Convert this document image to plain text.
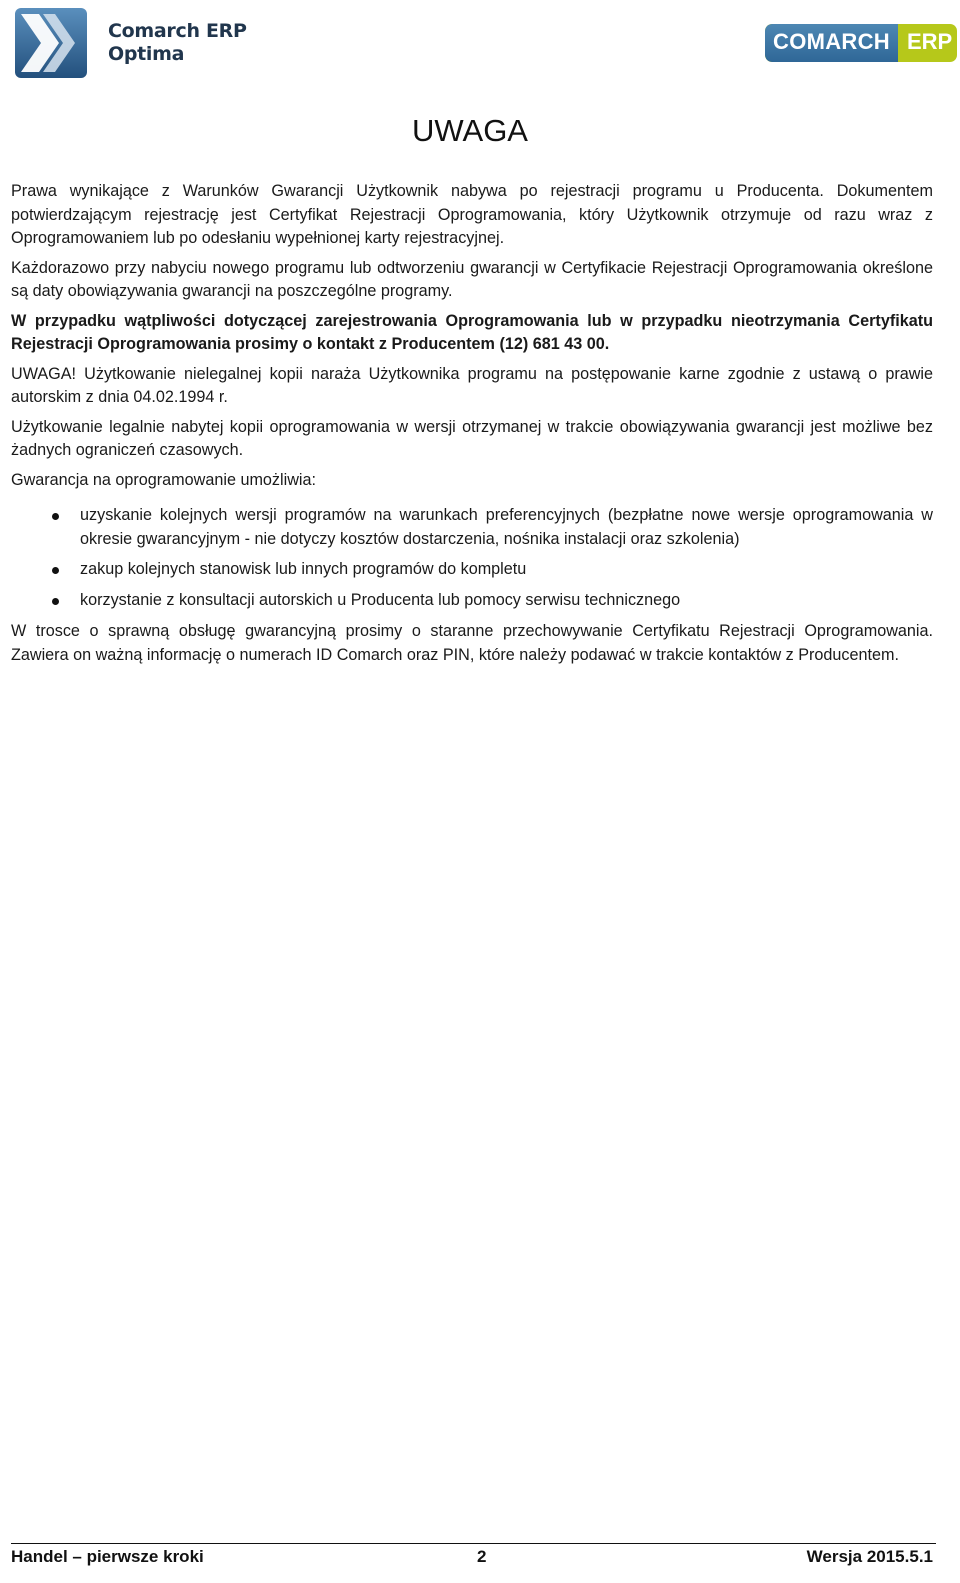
Comarch ERP
Optima	COMARCH ERP
UWAGA

Prawa wynikające z Warunków Gwarancji Użytkownik nabywa po rejestracji programu u Producenta. Dokumentem potwierdzającym rejestrację jest Certyfikat Rejestracji Oprogramowania, który Użytkownik otrzymuje od razu wraz z Oprogramowaniem lub po odesłaniu wypełnionej karty rejestracyjnej.

Każdorazowo przy nabyciu nowego programu lub odtworzeniu gwarancji w Certyfikacie Rejestracji Oprogramowania określone są daty obowiązywania gwarancji na poszczególne programy.

W przypadku wątpliwości dotyczącej zarejestrowania Oprogramowania lub w przypadku nieotrzymania Certyfikatu Rejestracji Oprogramowania prosimy o kontakt z Producentem (12) 681 43 00.

UWAGA! Użytkowanie nielegalnej kopii naraża Użytkownika programu na postępowanie karne zgodnie z ustawą o prawie autorskim z dnia 04.02.1994 r.

Użytkowanie legalnie nabytej kopii oprogramowania w wersji otrzymanej w trakcie obowiązywania gwarancji jest możliwe bez żadnych ograniczeń czasowych.

Gwarancja na oprogramowanie umożliwia:

uzyskanie kolejnych wersji programów na warunkach preferencyjnych (bezpłatne nowe wersje oprogramowania w okresie gwarancyjnym - nie dotyczy kosztów dostarczenia, nośnika instalacji oraz szkolenia)
zakup kolejnych stanowisk lub innych programów do kompletu
korzystanie z konsultacji autorskich u Producenta lub pomocy serwisu technicznego

W trosce o sprawną obsługę gwarancyjną prosimy o staranne przechowywanie Certyfikatu Rejestracji Oprogramowania. Zawiera on ważną informację o numerach ID Comarch oraz PIN, które należy podawać w trakcie kontaktów z Producentem.

Handel – pierwsze kroki	2	Wersja 2015.5.1
